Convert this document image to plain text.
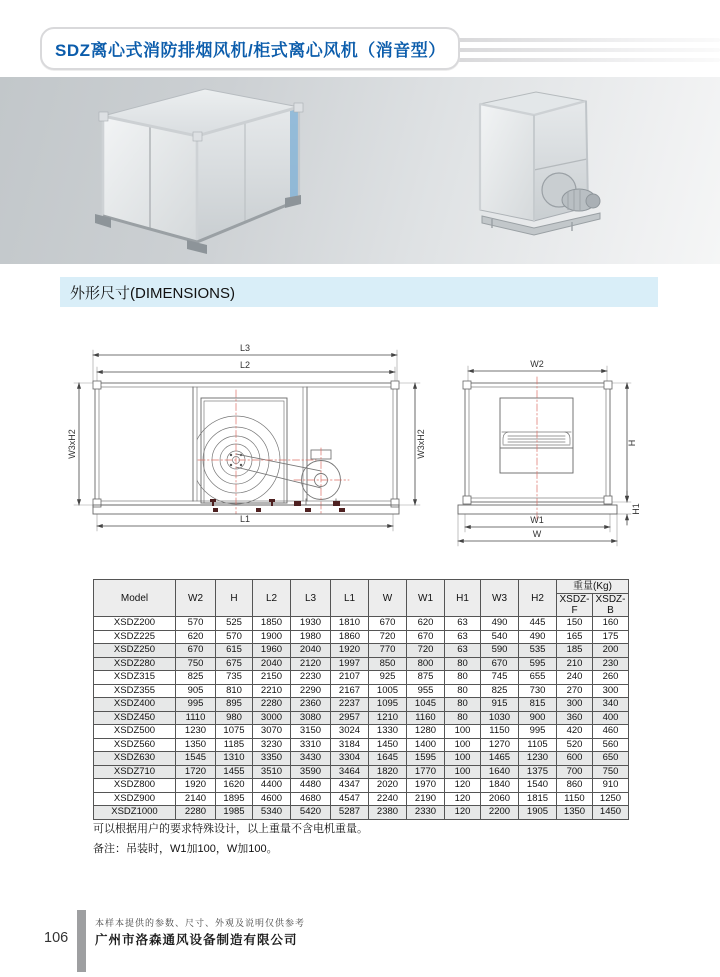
SDZ离心式消防排烟风机/柜式离心风机（消音型）
外形尺寸(DIMENSIONS)
L3
L2
L1
W3xH2	W3xH2
W2
W1
W
H
H1
Model	W2	H	L2	L3	L1	W	W1	H1	W3	H2	重量(Kg)	
											XSDZ-F	XSDZ-B
XSDZ200	570	525	1850	1930	1810	670	620	63	490	445	150	160
XSDZ225	620	570	1900	1980	1860	720	670	63	540	490	165	175
XSDZ250	670	615	1960	2040	1920	770	720	63	590	535	185	200
XSDZ280	750	675	2040	2120	1997	850	800	80	670	595	210	230
XSDZ315	825	735	2150	2230	2107	925	875	80	745	655	240	260
XSDZ355	905	810	2210	2290	2167	1005	955	80	825	730	270	300
XSDZ400	995	895	2280	2360	2237	1095	1045	80	915	815	300	340
XSDZ450	1110	980	3000	3080	2957	1210	1160	80	1030	900	360	400
XSDZ500	1230	1075	3070	3150	3024	1330	1280	100	1150	995	420	460
XSDZ560	1350	1185	3230	3310	3184	1450	1400	100	1270	1105	520	560
XSDZ630	1545	1310	3350	3430	3304	1645	1595	100	1465	1230	600	650
XSDZ710	1720	1455	3510	3590	3464	1820	1770	100	1640	1375	700	750
XSDZ800	1920	1620	4400	4480	4347	2020	1970	120	1840	1540	860	910
XSDZ900	2140	1895	4600	4680	4547	2240	2190	120	2060	1815	1150	1250
XSDZ1000	2280	1985	5340	5420	5287	2380	2330	120	2200	1905	1350	1450
可以根据用户的要求特殊设计，以上重量不含电机重量。
备注：吊装时，W1加100，W加100。
106
本样本提供的参数、尺寸、外观及说明仅供参考
广州市洛森通风设备制造有限公司
